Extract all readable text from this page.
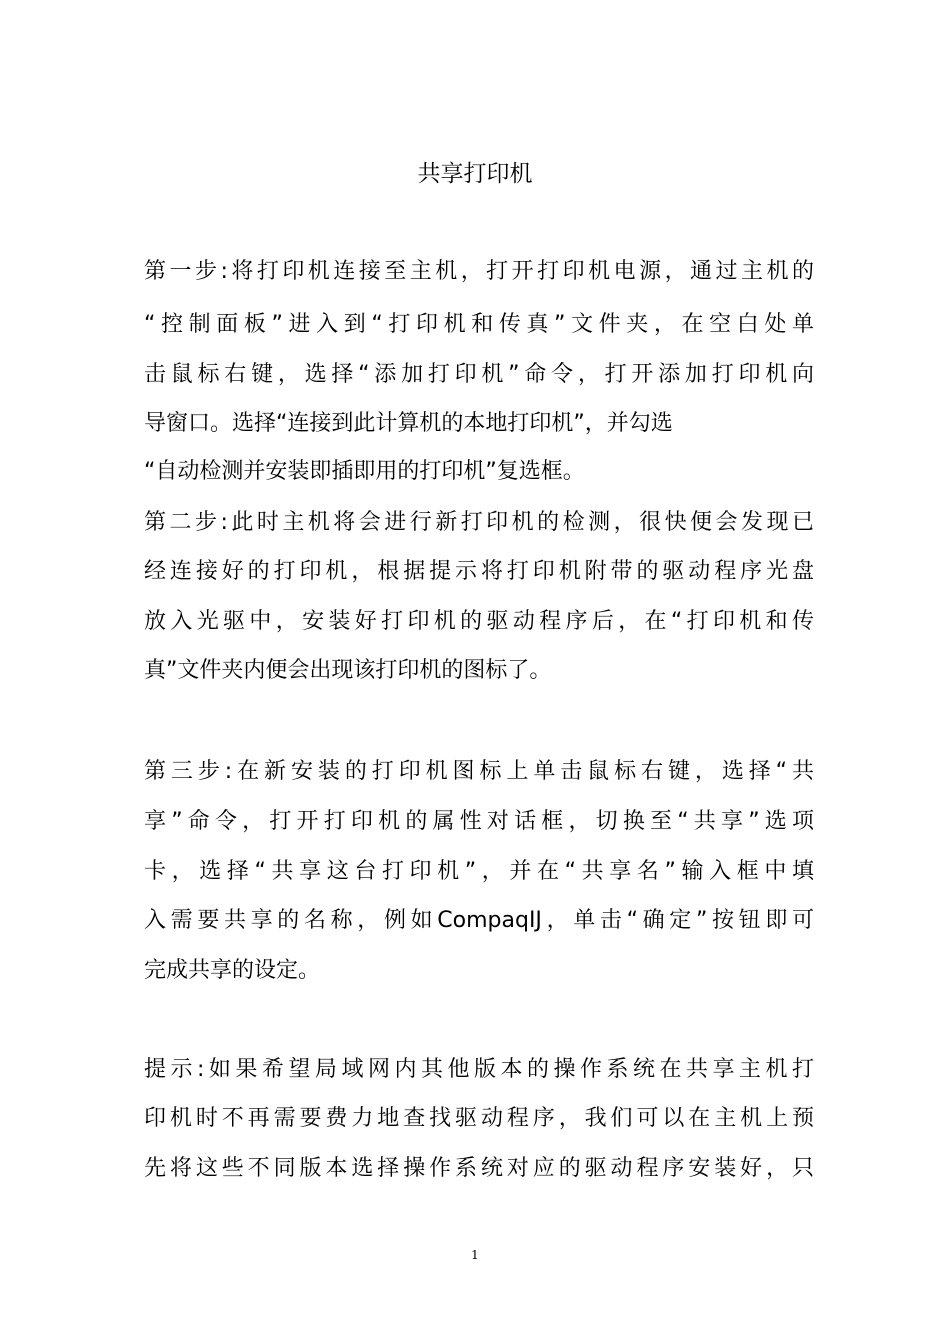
共享打印机
第一步:将打印机连接至主机，打开打印机电源，通过主机的
“控制面板”进入到“打印机和传真”文件夹，在空白处单
击鼠标右键，选择“添加打印机”命令，打开添加打印机向
导窗口。选择“连接到此计算机的本地打印机”，并勾选
“自动检测并安装即插即用的打印机”复选框。
第二步:此时主机将会进行新打印机的检测，很快便会发现已
经连接好的打印机，根据提示将打印机附带的驱动程序光盘
放入光驱中，安装好打印机的驱动程序后，在“打印机和传
真”文件夹内便会出现该打印机的图标了。
第三步:在新安装的打印机图标上单击鼠标右键，选择“共
享”命令，打开打印机的属性对话框，切换至“共享”选项
卡，选择“共享这台打印机”，并在“共享名”输入框中填
入需要共享的名称，例如CompaqIJ，单击“确定”按钮即可
完成共享的设定。
提示:如果希望局域网内其他版本的操作系统在共享主机打
印机时不再需要费力地查找驱动程序，我们可以在主机上预
先将这些不同版本选择操作系统对应的驱动程序安装好，只
1
